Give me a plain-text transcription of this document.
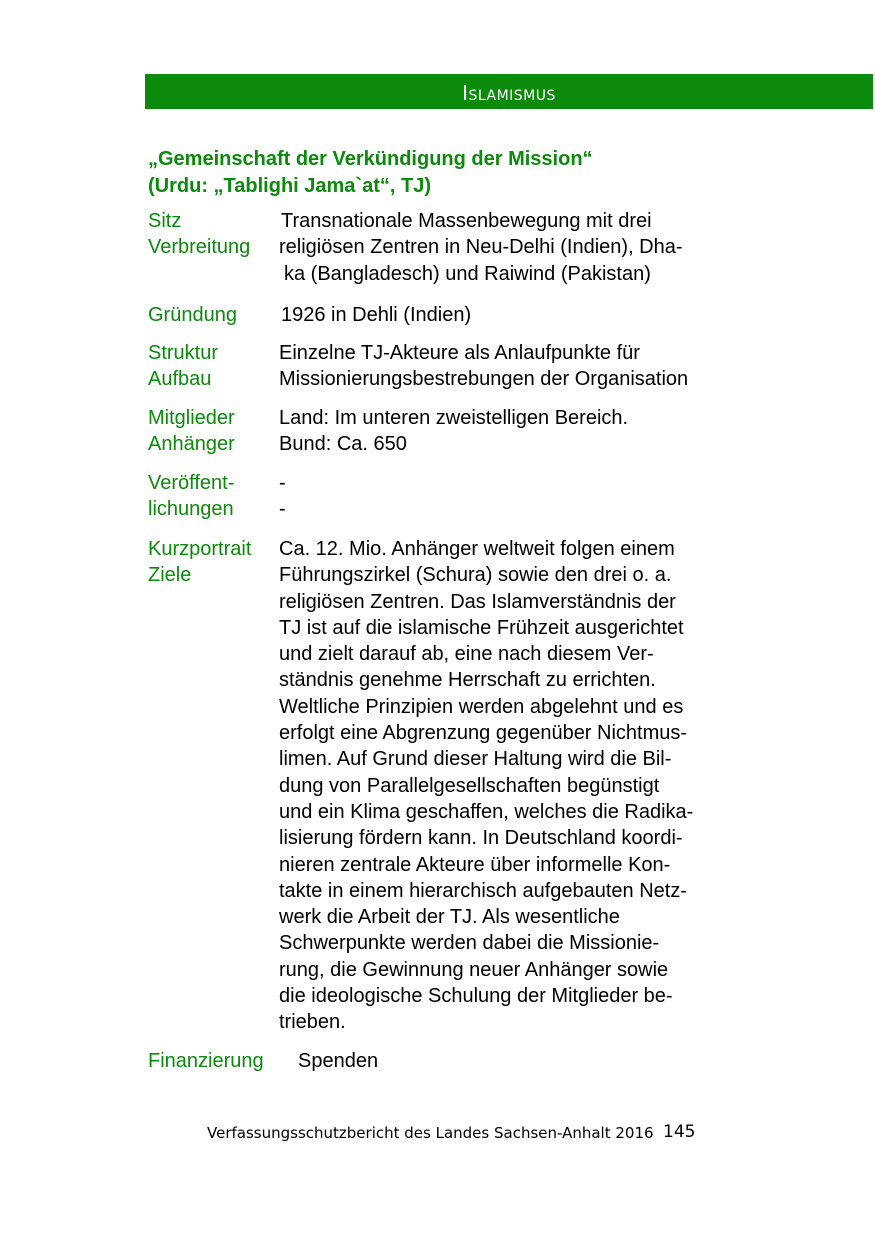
Islamismus
„Gemeinschaft der Verkündigung der Mission“
(Urdu: „Tablighi Jama`at“, TJ)
Sitz
Verbreitung
Transnationale Massenbewegung mit drei
religiösen Zentren in Neu-Delhi (Indien), Dha-
ka (Bangladesch) und Raiwind (Pakistan)
Gründung 1926 in Dehli (Indien)
Struktur
Aufbau
Einzelne TJ-Akteure als Anlaufpunkte für
Missionierungsbestrebungen der Organisation
Mitglieder
Anhänger
Land: Im unteren zweistelligen Bereich.
Bund: Ca. 650
Veröffent-
lichungen
-
-
Kurzportrait
Ziele
Ca. 12. Mio. Anhänger weltweit folgen einem
Führungszirkel (Schura) sowie den drei o. a.
religiösen Zentren. Das Islamverständnis der
TJ ist auf die islamische Frühzeit ausgerichtet
und zielt darauf ab, eine nach diesem Ver-
ständnis genehme Herrschaft zu errichten.
Weltliche Prinzipien werden abgelehnt und es
erfolgt eine Abgrenzung gegenüber Nichtmus-
limen. Auf Grund dieser Haltung wird die Bil-
dung von Parallelgesellschaften begünstigt
und ein Klima geschaffen, welches die Radika-
lisierung fördern kann. In Deutschland koordi-
nieren zentrale Akteure über informelle Kon-
takte in einem hierarchisch aufgebauten Netz-
werk die Arbeit der TJ. Als wesentliche
Schwerpunkte werden dabei die Missionie-
rung, die Gewinnung neuer Anhänger sowie
die ideologische Schulung der Mitglieder be-
trieben.
Finanzierung Spenden
Verfassungsschutzbericht des Landes Sachsen-Anhalt 2016 145
